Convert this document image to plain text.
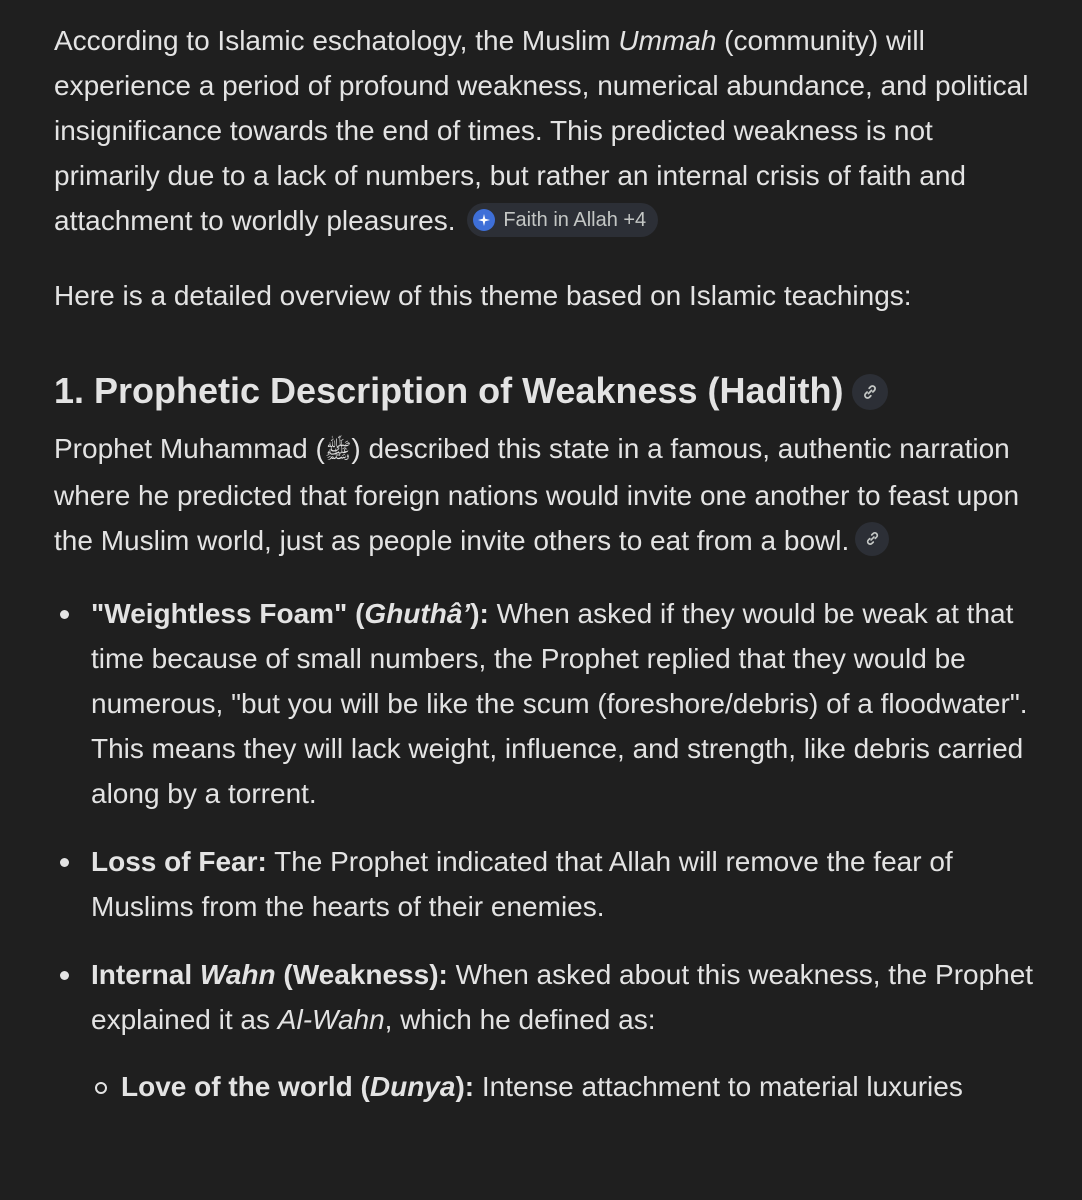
According to Islamic eschatology, the Muslim Ummah (community) will experience a period of profound weakness, numerical abundance, and political insignificance towards the end of times. This predicted weakness is not primarily due to a lack of numbers, but rather an internal crisis of faith and attachment to worldly pleasures. Faith in Allah +4

Here is a detailed overview of this theme based on Islamic teachings:

1. Prophetic Description of Weakness (Hadith)

Prophet Muhammad (ﷺ) described this state in a famous, authentic narration where he predicted that foreign nations would invite one another to feast upon the Muslim world, just as people invite others to eat from a bowl.

"Weightless Foam" (Ghuthâ’): When asked if they would be weak at that time because of small numbers, the Prophet replied that they would be numerous, "but you will be like the scum (foreshore/debris) of a floodwater". This means they will lack weight, influence, and strength, like debris carried along by a torrent.
Loss of Fear: The Prophet indicated that Allah will remove the fear of Muslims from the hearts of their enemies.
Internal Wahn (Weakness): When asked about this weakness, the Prophet explained it as Al-Wahn, which he defined as:
Love of the world (Dunya): Intense attachment to material luxuries
